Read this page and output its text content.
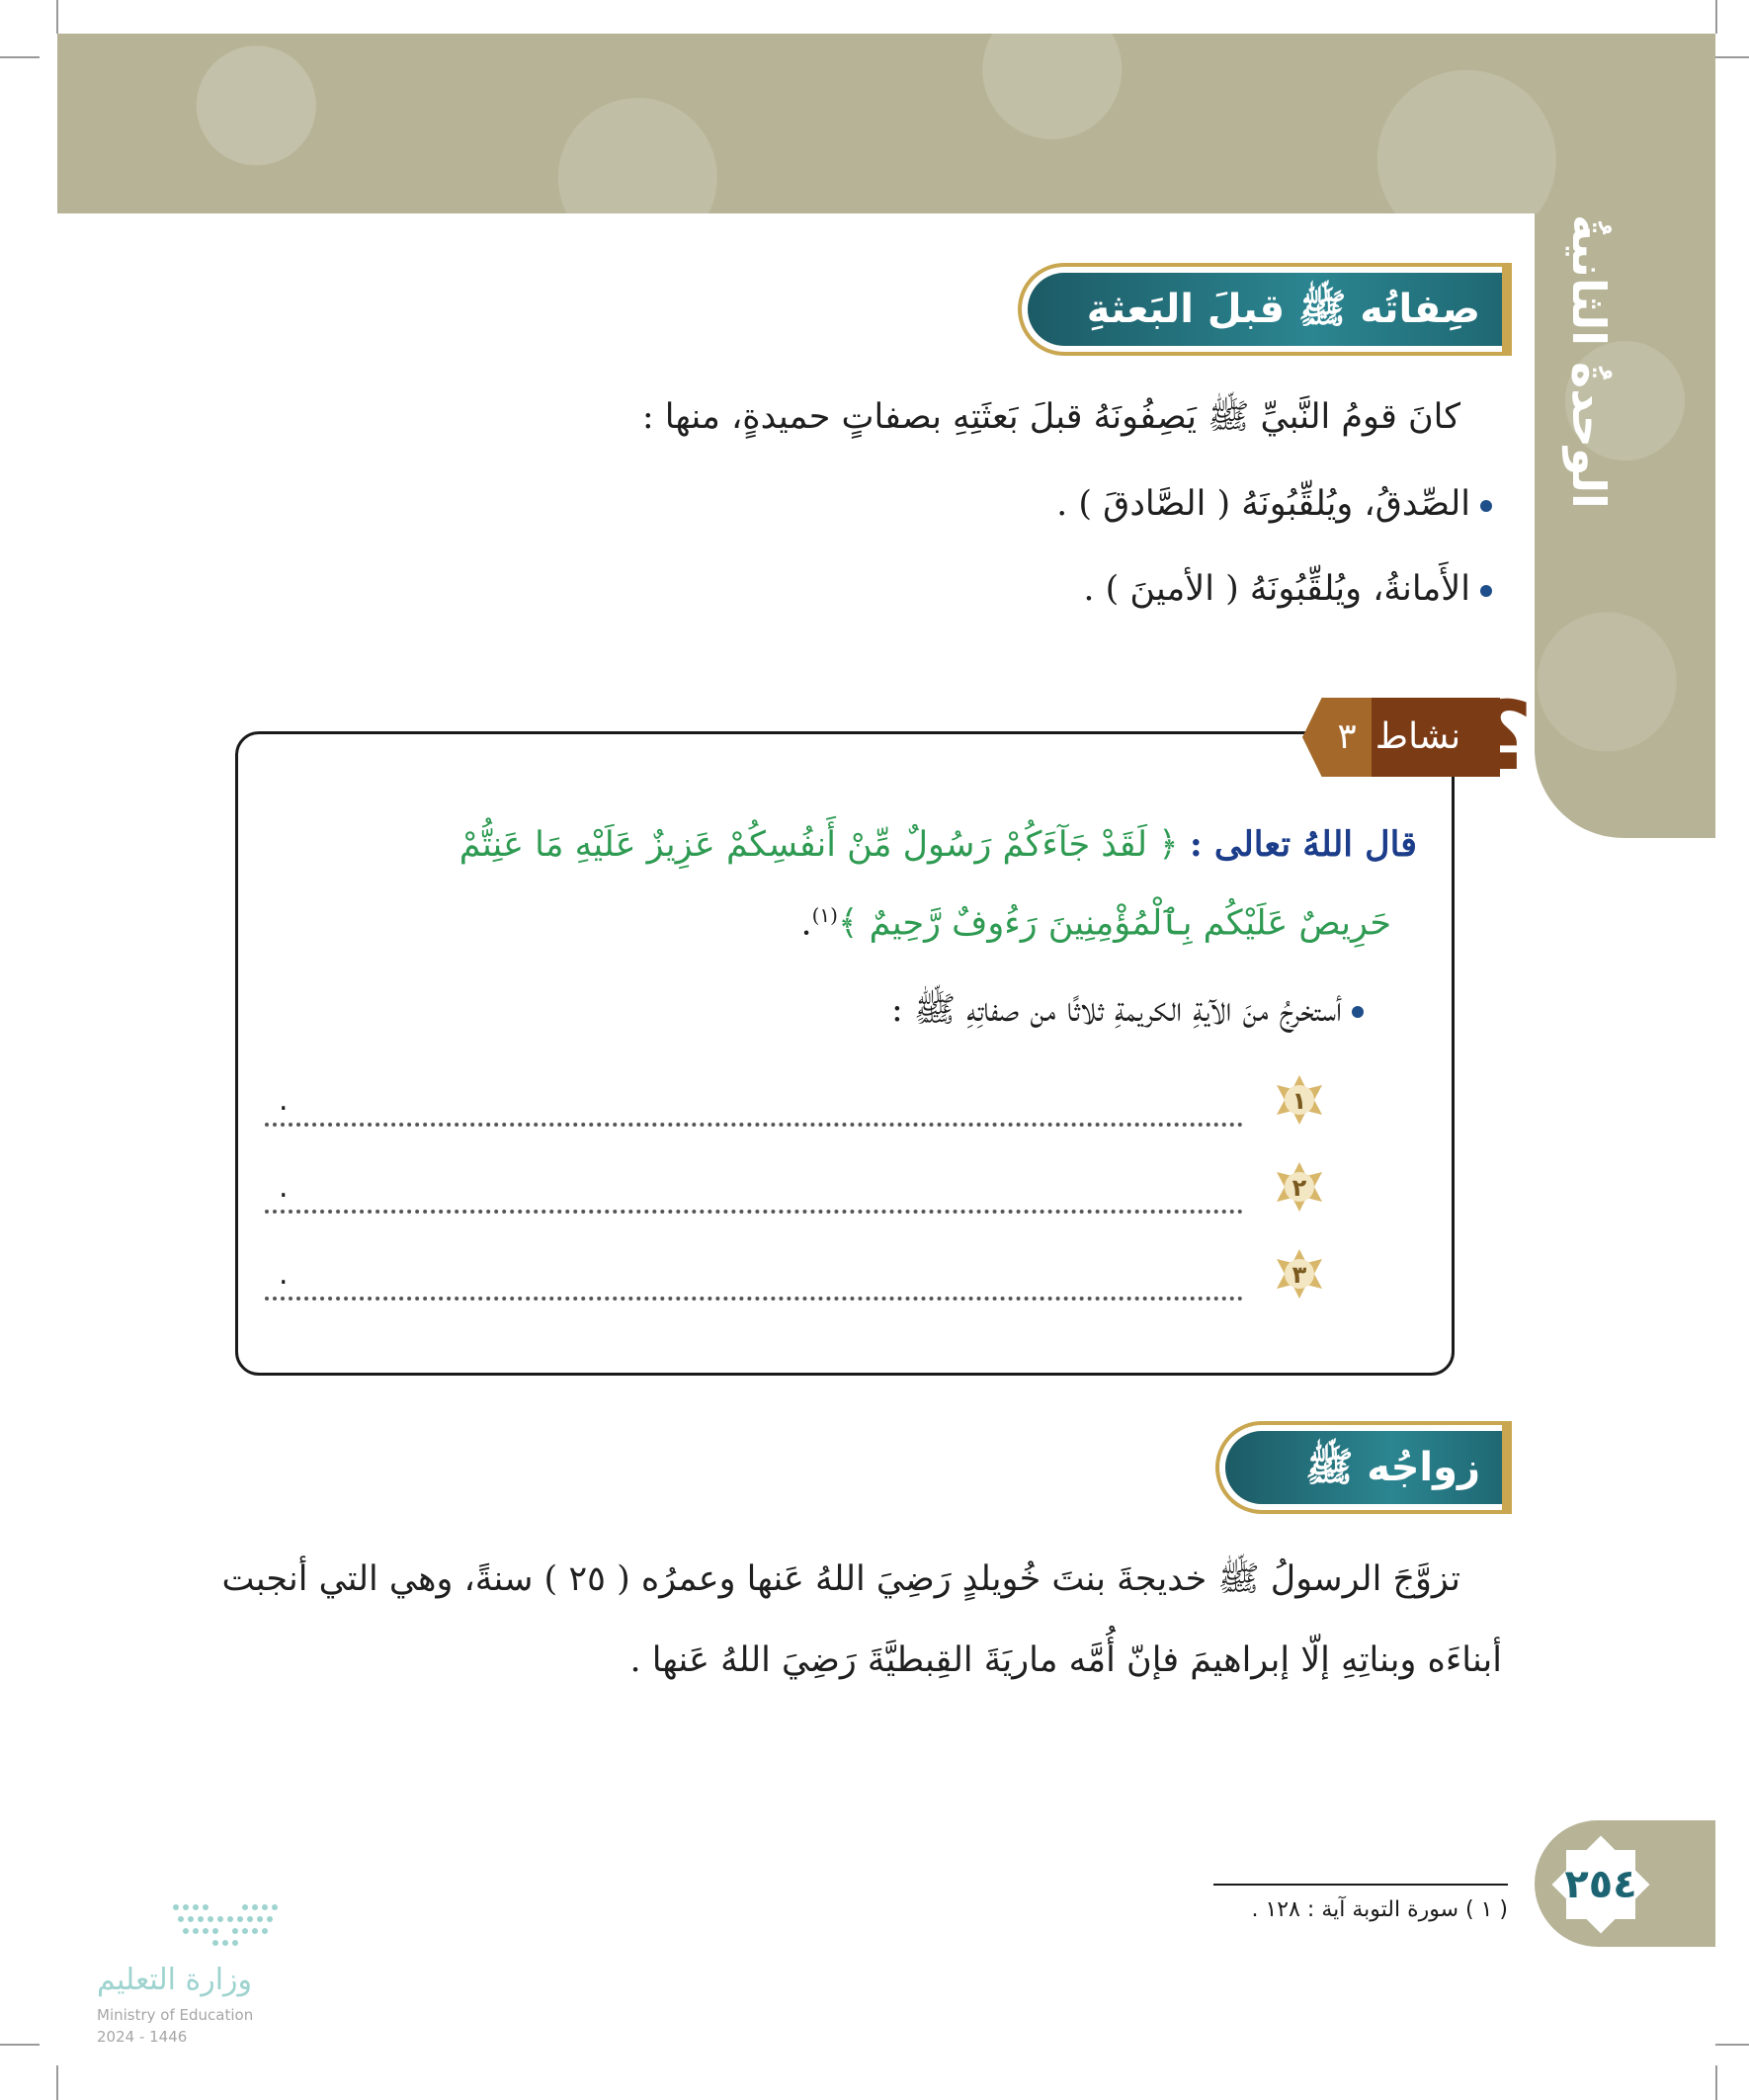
الوحدةُ الثانيةُ
صِفاتُه ﷺ قبلَ البَعثةِ
كانَ قومُ النَّبيِّ ﷺ يَصِفُونَهُ قبلَ بَعثَتِهِ بصفاتٍ حميدةٍ، منها :
الصِّدقُ، ويُلقِّبُونَهُ ( الصَّادقَ ) .
الأَمانةُ، ويُلقِّبُونَهُ ( الأمينَ ) .
نشاط
٣ ؟
قال اللهُ تعالى : ﴿ لَقَدْ جَآءَكُمْ رَسُولٌ مِّنْ أَنفُسِكُمْ عَزِيزٌ عَلَيْهِ مَا عَنِتُّمْ
حَرِيصٌ عَلَيْكُم بِٱلْمُؤْمِنِينَ رَءُوفٌ رَّحِيمٌ ﴾$^{(١)}$.
أستخرجُ منَ الآيةِ الكريمةِ ثلاثًا من صفاتِهِ ﷺ :
١
.
٢
.
٣
.
زواجُه ﷺ
تزوَّجَ الرسولُ ﷺ خديجةَ بنتَ خُويلدٍ رَضِيَ اللهُ عَنها وعمرُه ( ٢٥ ) سنةً، وهي التي أنجبت
أبناءَه وبناتِهِ إلّا إبراهيمَ فإنّ أُمَّه ماريَةَ القِبطيَّةَ رَضِيَ اللهُ عَنها .
٢٥٤
( ١ ) سورة التوبة آية : ١٢٨ .
وزارة التعليم
Ministry of Education
2024 - 1446
